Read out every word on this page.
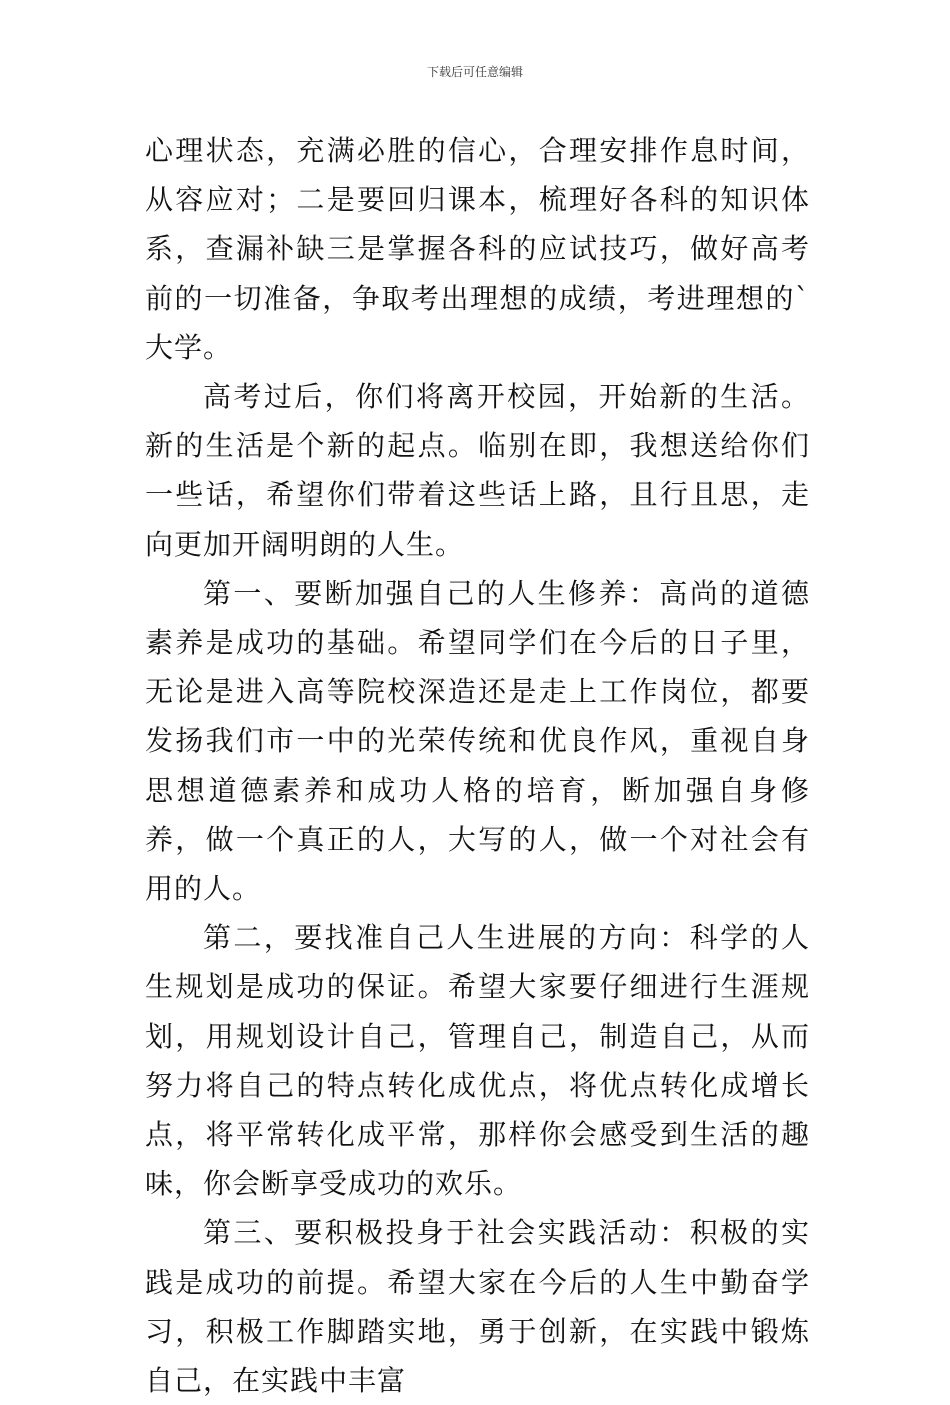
下载后可任意编辑

心理状态，充满必胜的信心，合理安排作息时间，从容应对；二是要回归课本，梳理好各科的知识体系，查漏补缺三是掌握各科的应试技巧，做好高考前的一切准备，争取考出理想的成绩，考进理想的`大学。

高考过后，你们将离开校园，开始新的生活。新的生活是个新的起点。临别在即，我想送给你们一些话，希望你们带着这些话上路，且行且思，走向更加开阔明朗的人生。

第一、要断加强自己的人生修养：高尚的道德素养是成功的基础。希望同学们在今后的日子里，无论是进入高等院校深造还是走上工作岗位，都要发扬我们市一中的光荣传统和优良作风，重视自身思想道德素养和成功人格的培育，断加强自身修养，做一个真正的人，大写的人，做一个对社会有用的人。

第二，要找准自己人生进展的方向：科学的人生规划是成功的保证。希望大家要仔细进行生涯规划，用规划设计自己，管理自己，制造自己，从而努力将自己的特点转化成优点，将优点转化成增长点，将平常转化成平常，那样你会感受到生活的趣味，你会断享受成功的欢乐。

第三、要积极投身于社会实践活动：积极的实践是成功的前提。希望大家在今后的人生中勤奋学习，积极工作脚踏实地，勇于创新，在实践中锻炼自己，在实践中丰富
